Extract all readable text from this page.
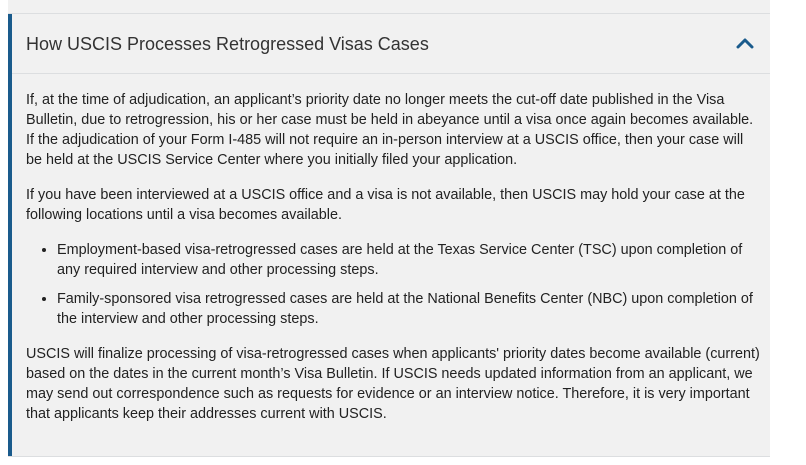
How USCIS Processes Retrogressed Visas Cases

If, at the time of adjudication, an applicant’s priority date no longer meets the cut-off date published in the Visa Bulletin, due to retrogression, his or her case must be held in abeyance until a visa once again becomes available. If the adjudication of your Form I-485 will not require an in-person interview at a USCIS office, then your case will be held at the USCIS Service Center where you initially filed your application.

If you have been interviewed at a USCIS office and a visa is not available, then USCIS may hold your case at the following locations until a visa becomes available.

• Employment-based visa-retrogressed cases are held at the Texas Service Center (TSC) upon completion of any required interview and other processing steps.
• Family-sponsored visa retrogressed cases are held at the National Benefits Center (NBC) upon completion of the interview and other processing steps.

USCIS will finalize processing of visa-retrogressed cases when applicants' priority dates become available (current) based on the dates in the current month’s Visa Bulletin. If USCIS needs updated information from an applicant, we may send out correspondence such as requests for evidence or an interview notice. Therefore, it is very important that applicants keep their addresses current with USCIS.
